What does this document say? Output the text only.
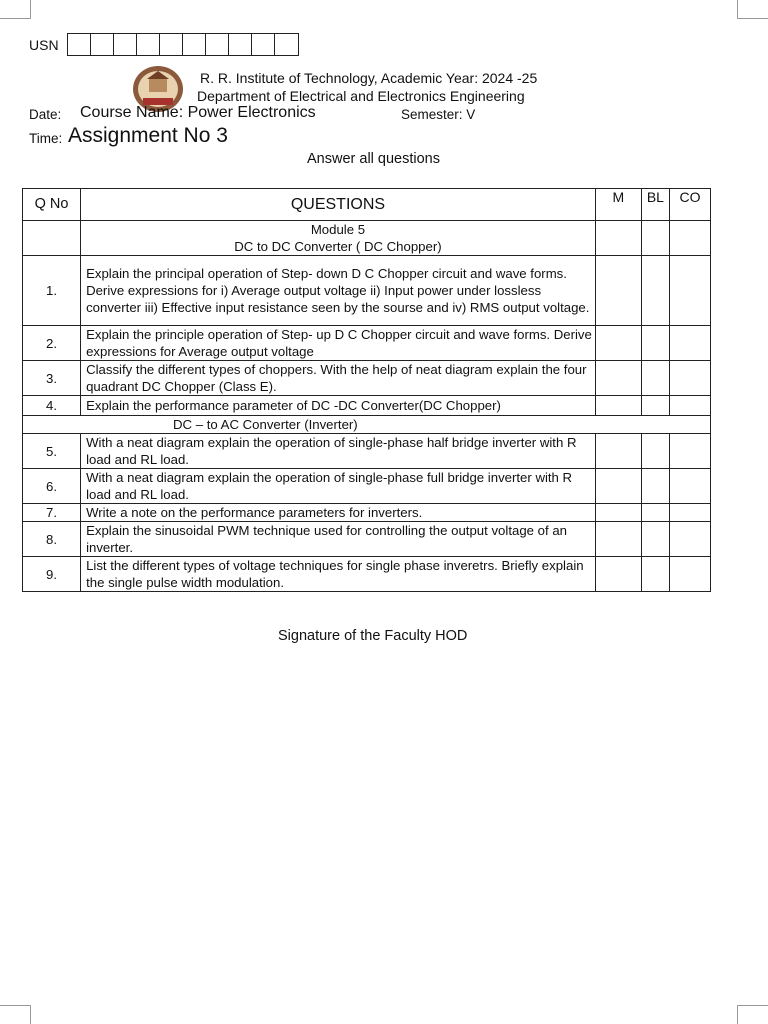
USN
R. R. Institute of Technology, Academic Year: 2024 -25
Department of Electrical and Electronics Engineering
Date: Course Name: Power Electronics	Semester: V
Time: Assignment No 3
Answer all questions
Q No	QUESTIONS	M	BL	CO

	Module 5
DC to DC Converter ( DC Chopper)			

1.	Explain the principal operation of Step- down D C Chopper circuit and wave forms. Derive expressions for i) Average output voltage ii) Input power under lossless converter iii) Effective input resistance seen by the sourse and iv) RMS output voltage.			
2.	Explain the principle operation of Step- up D C Chopper circuit and wave forms. Derive expressions for Average output voltage			
3.	Classify the different types of choppers. With the help of neat diagram explain the four quadrant DC Chopper (Class E).			
4.	Explain the performance parameter of DC -DC Converter(DC Chopper)			
DC – to AC Converter (Inverter)				
5.	With a neat diagram explain the operation of single-phase half bridge inverter with R load and RL load.			
6.	With a neat diagram explain the operation of single-phase full bridge inverter with R load and RL load.			
7.	Write a note on the performance parameters for inverters.			
8.	Explain the sinusoidal PWM technique used for controlling the output voltage of an inverter.			
9.	List the different types of voltage techniques for single phase inveretrs. Briefly explain the single pulse width modulation.			
Signature of the Faculty HOD
